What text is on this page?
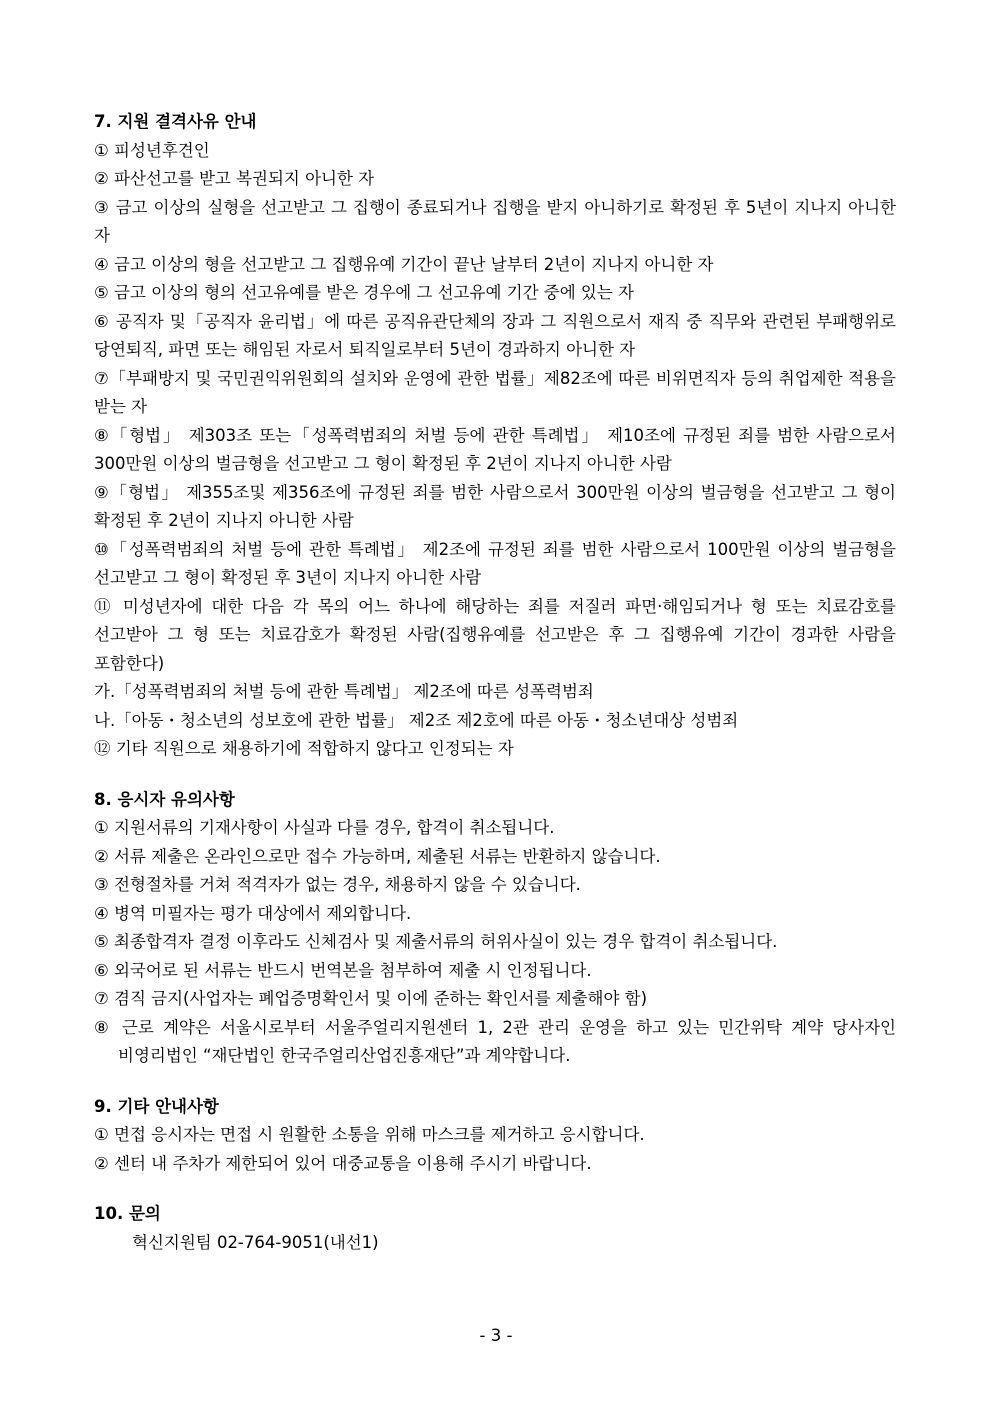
7. 지원 결격사유 안내

① 피성년후견인

② 파산선고를 받고 복권되지 아니한 자

③ 금고 이상의 실형을 선고받고 그 집행이 종료되거나 집행을 받지 아니하기로 확정된 후 5년이 지나지 아니한 자

④ 금고 이상의 형을 선고받고 그 집행유예 기간이 끝난 날부터 2년이 지나지 아니한 자

⑤ 금고 이상의 형의 선고유예를 받은 경우에 그 선고유예 기간 중에 있는 자

⑥ 공직자 및「공직자 윤리법」에 따른 공직유관단체의 장과 그 직원으로서 재직 중 직무와 관련된 부패행위로 당연퇴직, 파면 또는 해임된 자로서 퇴직일로부터 5년이 경과하지 아니한 자

⑦「부패방지 및 국민권익위원회의 설치와 운영에 관한 법률」제82조에 따른 비위면직자 등의 취업제한 적용을 받는 자

⑧「형법」 제303조 또는「성폭력범죄의 처벌 등에 관한 특례법」 제10조에 규정된 죄를 범한 사람으로서 300만원 이상의 벌금형을 선고받고 그 형이 확정된 후 2년이 지나지 아니한 사람

⑨「형법」 제355조및 제356조에 규정된 죄를 범한 사람으로서 300만원 이상의 벌금형을 선고받고 그 형이 확정된 후 2년이 지나지 아니한 사람

⑩「성폭력범죄의 처벌 등에 관한 특례법」 제2조에 규정된 죄를 범한 사람으로서 100만원 이상의 벌금형을 선고받고 그 형이 확정된 후 3년이 지나지 아니한 사람

⑪ 미성년자에 대한 다음 각 목의 어느 하나에 해당하는 죄를 저질러 파면·해임되거나 형 또는 치료감호를 선고받아 그 형 또는 치료감호가 확정된 사람(집행유예를 선고받은 후 그 집행유예 기간이 경과한 사람을 포함한다)

가.「성폭력범죄의 처벌 등에 관한 특례법」 제2조에 따른 성폭력범죄

나.「아동・청소년의 성보호에 관한 법률」 제2조 제2호에 따른 아동・청소년대상 성범죄

⑫ 기타 직원으로 채용하기에 적합하지 않다고 인정되는 자

8. 응시자 유의사항

① 지원서류의 기재사항이 사실과 다를 경우, 합격이 취소됩니다.

② 서류 제출은 온라인으로만 접수 가능하며, 제출된 서류는 반환하지 않습니다.

③ 전형절차를 거쳐 적격자가 없는 경우, 채용하지 않을 수 있습니다.

④ 병역 미필자는 평가 대상에서 제외합니다.

⑤ 최종합격자 결정 이후라도 신체검사 및 제출서류의 허위사실이 있는 경우 합격이 취소됩니다.

⑥ 외국어로 된 서류는 반드시 번역본을 첨부하여 제출 시 인정됩니다.

⑦ 겸직 금지(사업자는 폐업증명확인서 및 이에 준하는 확인서를 제출해야 함)

⑧ 근로 계약은 서울시로부터 서울주얼리지원센터 1, 2관 관리 운영을 하고 있는 민간위탁 계약 당사자인 비영리법인 “재단법인 한국주얼리산업진흥재단”과 계약합니다.

9. 기타 안내사항

① 면접 응시자는 면접 시 원활한 소통을 위해 마스크를 제거하고 응시합니다.

② 센터 내 주차가 제한되어 있어 대중교통을 이용해 주시기 바랍니다.

10. 문의

혁신지원팀 02-764-9051(내선1)

- 3 -
